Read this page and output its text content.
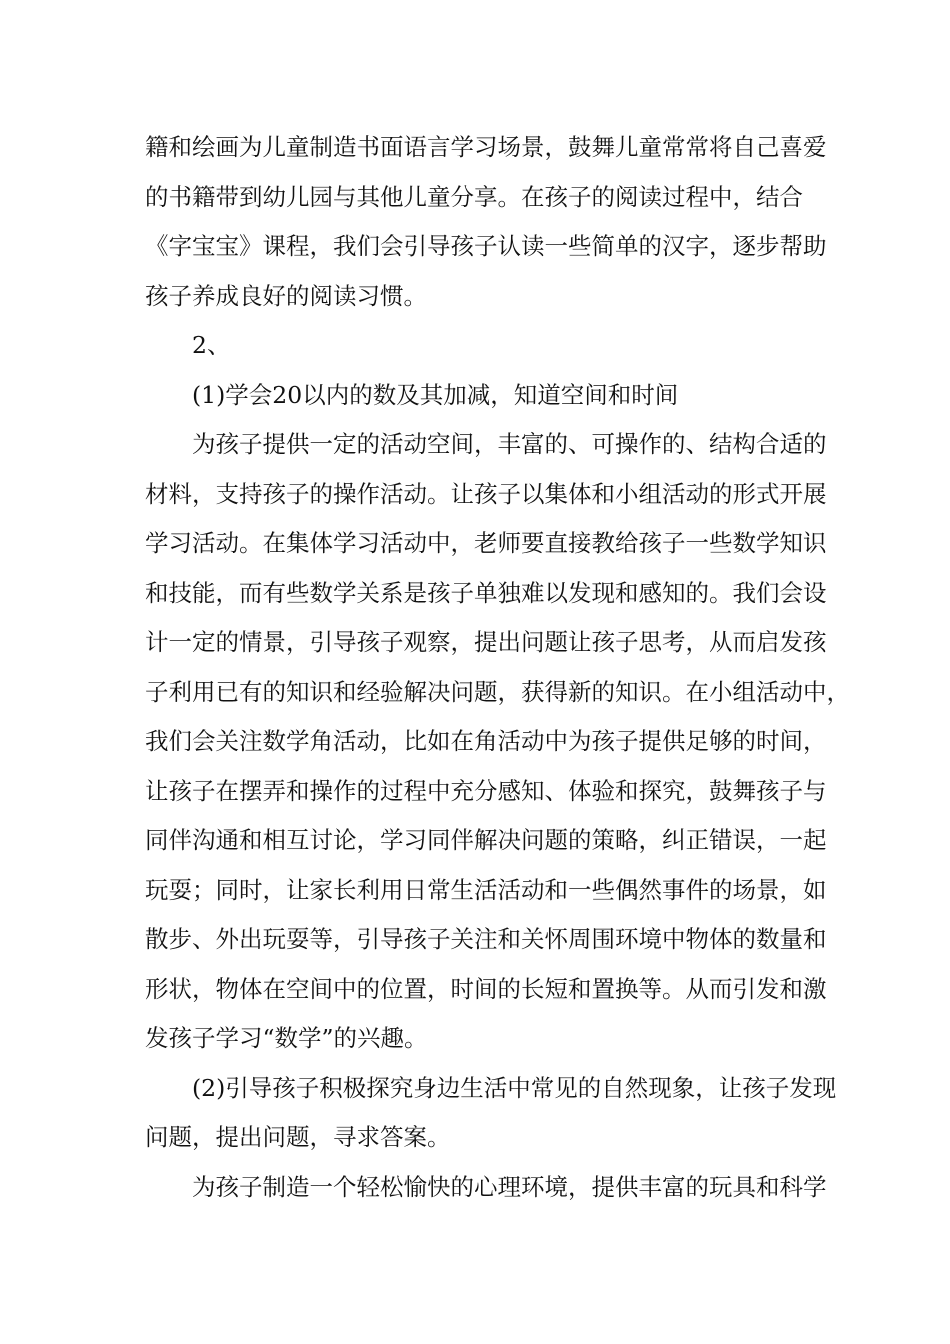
籍和绘画为儿童制造书面语言学习场景，鼓舞儿童常常将自己喜爱
的书籍带到幼儿园与其他儿童分享。在孩子的阅读过程中，结合
《字宝宝》课程，我们会引导孩子认读一些简单的汉字，逐步帮助
孩子养成良好的阅读习惯。
2、
(1)学会20以内的数及其加减，知道空间和时间
为孩子提供一定的活动空间，丰富的、可操作的、结构合适的
材料，支持孩子的操作活动。让孩子以集体和小组活动的形式开展
学习活动。在集体学习活动中，老师要直接教给孩子一些数学知识
和技能，而有些数学关系是孩子单独难以发现和感知的。我们会设
计一定的情景，引导孩子观察，提出问题让孩子思考，从而启发孩
子利用已有的知识和经验解决问题，获得新的知识。在小组活动中，
我们会关注数学角活动，比如在角活动中为孩子提供足够的时间，
让孩子在摆弄和操作的过程中充分感知、体验和探究，鼓舞孩子与
同伴沟通和相互讨论，学习同伴解决问题的策略，纠正错误，一起
玩耍；同时，让家长利用日常生活活动和一些偶然事件的场景，如
散步、外出玩耍等，引导孩子关注和关怀周围环境中物体的数量和
形状，物体在空间中的位置，时间的长短和置换等。从而引发和激
发孩子学习“数学”的兴趣。
(2)引导孩子积极探究身边生活中常见的自然现象，让孩子发现
问题，提出问题，寻求答案。
为孩子制造一个轻松愉快的心理环境，提供丰富的玩具和科学
